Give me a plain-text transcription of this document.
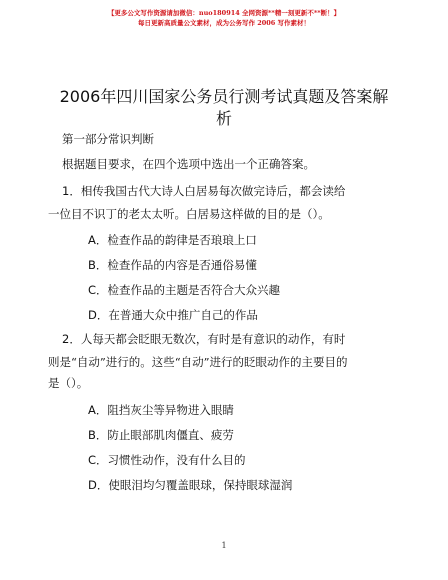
【更多公文写作资源请加微信：nuo180914 全网资源**精一刻更新不**断！】
每日更新高质量公文素材，成为公务写作 2006 写作素材！
2006年四川国家公务员行测考试真题及答案解
析
第一部分常识判断
根据题目要求，在四个选项中选出一个正确答案。
1．相传我国古代大诗人白居易每次做完诗后，都会读给
一位目不识丁的老太太听。白居易这样做的目的是（）。
A．检查作品的韵律是否琅琅上口
B．检查作品的内容是否通俗易懂
C．检查作品的主题是否符合大众兴趣
D．在普通大众中推广自己的作品
2．人每天都会眨眼无数次，有时是有意识的动作，有时
则是“自动”进行的。这些“自动”进行的眨眼动作的主要目的
是（）。
A．阻挡灰尘等异物进入眼睛
B．防止眼部肌肉僵直、疲劳
C．习惯性动作，没有什么目的
D．使眼泪均匀覆盖眼球，保持眼球湿润
1
